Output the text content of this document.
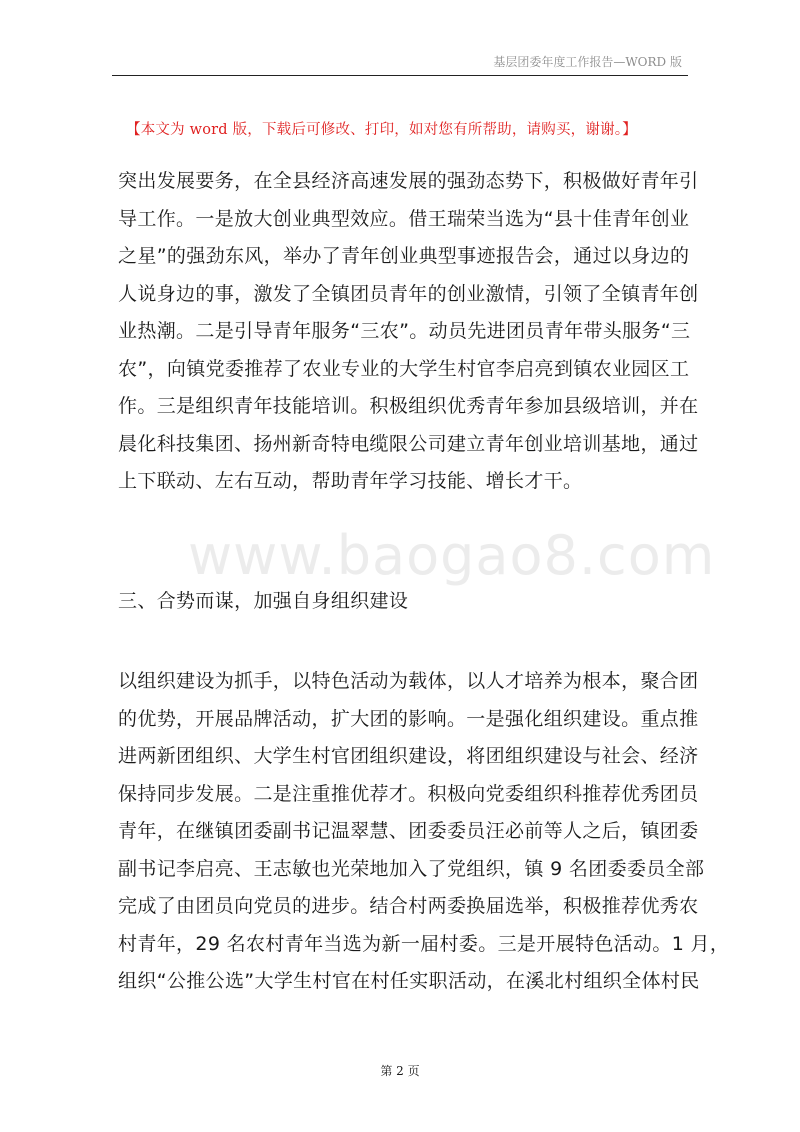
基层团委年度工作报告—WORD 版
【本文为 word 版，下载后可修改、打印，如对您有所帮助，请购买，谢谢。】
www.baogao8.com
突出发展要务，在全县经济高速发展的强劲态势下，积极做好青年引
导工作。一是放大创业典型效应。借王瑞荣当选为“县十佳青年创业
之星”的强劲东风，举办了青年创业典型事迹报告会，通过以身边的
人说身边的事，激发了全镇团员青年的创业激情，引领了全镇青年创
业热潮。二是引导青年服务“三农”。动员先进团员青年带头服务“三
农”，向镇党委推荐了农业专业的大学生村官李启亮到镇农业园区工
作。三是组织青年技能培训。积极组织优秀青年参加县级培训，并在
晨化科技集团、扬州新奇特电缆限公司建立青年创业培训基地，通过
上下联动、左右互动，帮助青年学习技能、增长才干。
三、合势而谋，加强自身组织建设
以组织建设为抓手，以特色活动为载体，以人才培养为根本，聚合团
的优势，开展品牌活动，扩大团的影响。一是强化组织建设。重点推
进两新团组织、大学生村官团组织建设，将团组织建设与社会、经济
保持同步发展。二是注重推优荐才。积极向党委组织科推荐优秀团员
青年，在继镇团委副书记温翠慧、团委委员汪必前等人之后，镇团委
副书记李启亮、王志敏也光荣地加入了党组织，镇 9 名团委委员全部
完成了由团员向党员的进步。结合村两委换届选举，积极推荐优秀农
村青年，29 名农村青年当选为新一届村委。三是开展特色活动。1 月，
组织“公推公选”大学生村官在村任实职活动，在溪北村组织全体村民
第 2 页
